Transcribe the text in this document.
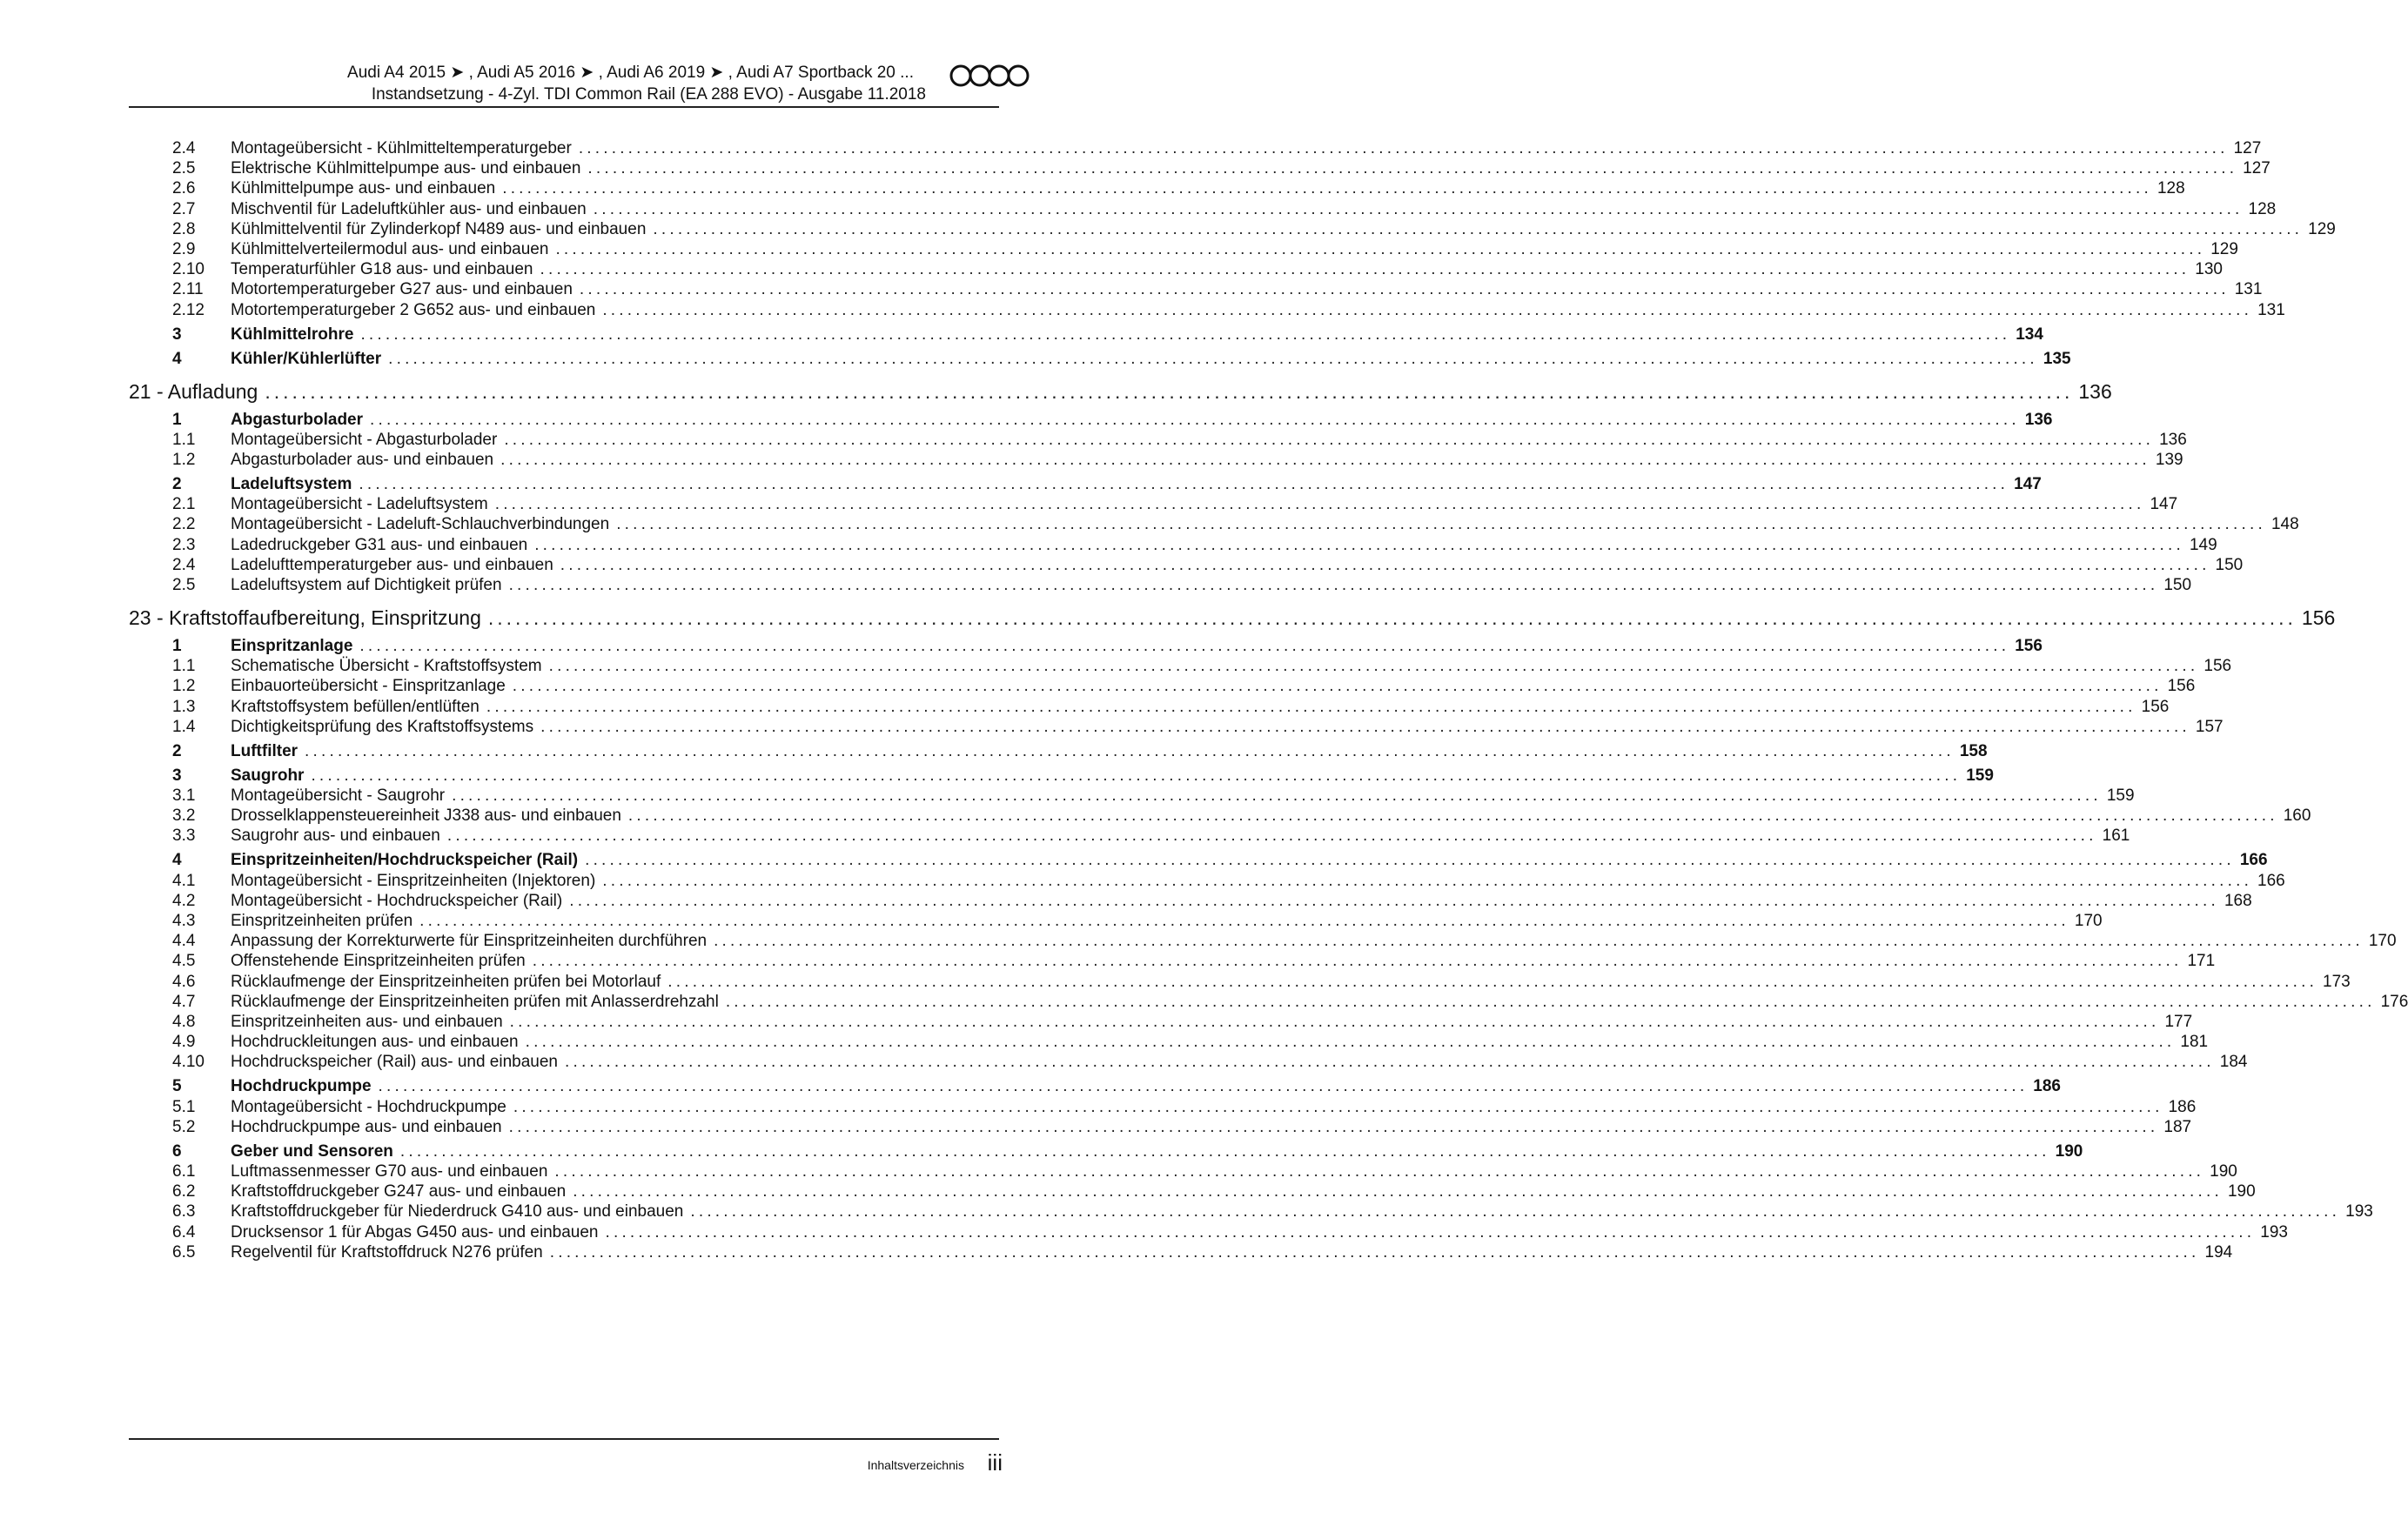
Audi A4 2015 ➤ , Audi A5 2016 ➤ , Audi A6 2019 ➤ , Audi A7 Sportback 20 ...
Instandsetzung - 4-Zyl. TDI Common Rail (EA 288 EVO) - Ausgabe 11.2018
2.4 Montageübersicht - Kühlmitteltemperaturgeber ........................................................................................................................................................................................................ 127
2.5 Elektrische Kühlmittelpumpe aus- und einbauen ........................................................................................................................................................................................................ 127
2.6 Kühlmittelpumpe aus- und einbauen ........................................................................................................................................................................................................ 128
2.7 Mischventil für Ladeluftkühler aus- und einbauen ........................................................................................................................................................................................................ 128
2.8 Kühlmittelventil für Zylinderkopf N489 aus- und einbauen ........................................................................................................................................................................................................ 129
2.9 Kühlmittelverteilermodul aus- und einbauen ........................................................................................................................................................................................................ 129
2.10 Temperaturfühler G18 aus- und einbauen ........................................................................................................................................................................................................ 130
2.11 Motortemperaturgeber G27 aus- und einbauen ........................................................................................................................................................................................................ 131
2.12 Motortemperaturgeber 2 G652 aus- und einbauen ........................................................................................................................................................................................................ 131
3	Kühlmittelrohre ........................................................................................................................................................................................................ 134
4	Kühler/Kühlerlüfter ........................................................................................................................................................................................................ 135
21 - Aufladung ........................................................................................................................................................................................................ 136
1	Abgasturbolader ........................................................................................................................................................................................................ 136
1.1 Montageübersicht - Abgasturbolader ........................................................................................................................................................................................................ 136
1.2 Abgasturbolader aus- und einbauen ........................................................................................................................................................................................................ 139
2	Ladeluftsystem ........................................................................................................................................................................................................ 147
2.1 Montageübersicht - Ladeluftsystem ........................................................................................................................................................................................................ 147
2.2 Montageübersicht - Ladeluft-Schlauchverbindungen ........................................................................................................................................................................................................ 148
2.3 Ladedruckgeber G31 aus- und einbauen ........................................................................................................................................................................................................ 149
2.4 Ladelufttemperaturgeber aus- und einbauen ........................................................................................................................................................................................................ 150
2.5 Ladeluftsystem auf Dichtigkeit prüfen ........................................................................................................................................................................................................ 150
23 - Kraftstoffaufbereitung, Einspritzung ........................................................................................................................................................................................................ 156
1	Einspritzanlage ........................................................................................................................................................................................................ 156
1.1 Schematische Übersicht - Kraftstoffsystem ........................................................................................................................................................................................................ 156
1.2 Einbauorteübersicht - Einspritzanlage ........................................................................................................................................................................................................ 156
1.3 Kraftstoffsystem befüllen/entlüften ........................................................................................................................................................................................................ 156
1.4 Dichtigkeitsprüfung des Kraftstoffsystems ........................................................................................................................................................................................................ 157
2	Luftfilter ........................................................................................................................................................................................................ 158
3	Saugrohr ........................................................................................................................................................................................................ 159
3.1 Montageübersicht - Saugrohr ........................................................................................................................................................................................................ 159
3.2 Drosselklappensteuereinheit J338 aus- und einbauen ........................................................................................................................................................................................................ 160
3.3 Saugrohr aus- und einbauen ........................................................................................................................................................................................................ 161
4	Einspritzeinheiten/Hochdruckspeicher (Rail) ........................................................................................................................................................................................................ 166
4.1 Montageübersicht - Einspritzeinheiten (Injektoren) ........................................................................................................................................................................................................ 166
4.2 Montageübersicht - Hochdruckspeicher (Rail) ........................................................................................................................................................................................................ 168
4.3 Einspritzeinheiten prüfen ........................................................................................................................................................................................................ 170
4.4 Anpassung der Korrekturwerte für Einspritzeinheiten durchführen ........................................................................................................................................................................................................ 170
4.5 Offenstehende Einspritzeinheiten prüfen ........................................................................................................................................................................................................ 171
4.6 Rücklaufmenge der Einspritzeinheiten prüfen bei Motorlauf ........................................................................................................................................................................................................ 173
4.7 Rücklaufmenge der Einspritzeinheiten prüfen mit Anlasserdrehzahl ........................................................................................................................................................................................................ 176
4.8 Einspritzeinheiten aus- und einbauen ........................................................................................................................................................................................................ 177
4.9 Hochdruckleitungen aus- und einbauen ........................................................................................................................................................................................................ 181
4.10 Hochdruckspeicher (Rail) aus- und einbauen ........................................................................................................................................................................................................ 184
5	Hochdruckpumpe ........................................................................................................................................................................................................ 186
5.1 Montageübersicht - Hochdruckpumpe ........................................................................................................................................................................................................ 186
5.2 Hochdruckpumpe aus- und einbauen ........................................................................................................................................................................................................ 187
6	Geber und Sensoren ........................................................................................................................................................................................................ 190
6.1 Luftmassenmesser G70 aus- und einbauen ........................................................................................................................................................................................................ 190
6.2 Kraftstoffdruckgeber G247 aus- und einbauen ........................................................................................................................................................................................................ 190
6.3 Kraftstoffdruckgeber für Niederdruck G410 aus- und einbauen ........................................................................................................................................................................................................ 193
6.4 Drucksensor 1 für Abgas G450 aus- und einbauen ........................................................................................................................................................................................................ 193
6.5 Regelventil für Kraftstoffdruck N276 prüfen ........................................................................................................................................................................................................ 194
Inhaltsverzeichnis iii
